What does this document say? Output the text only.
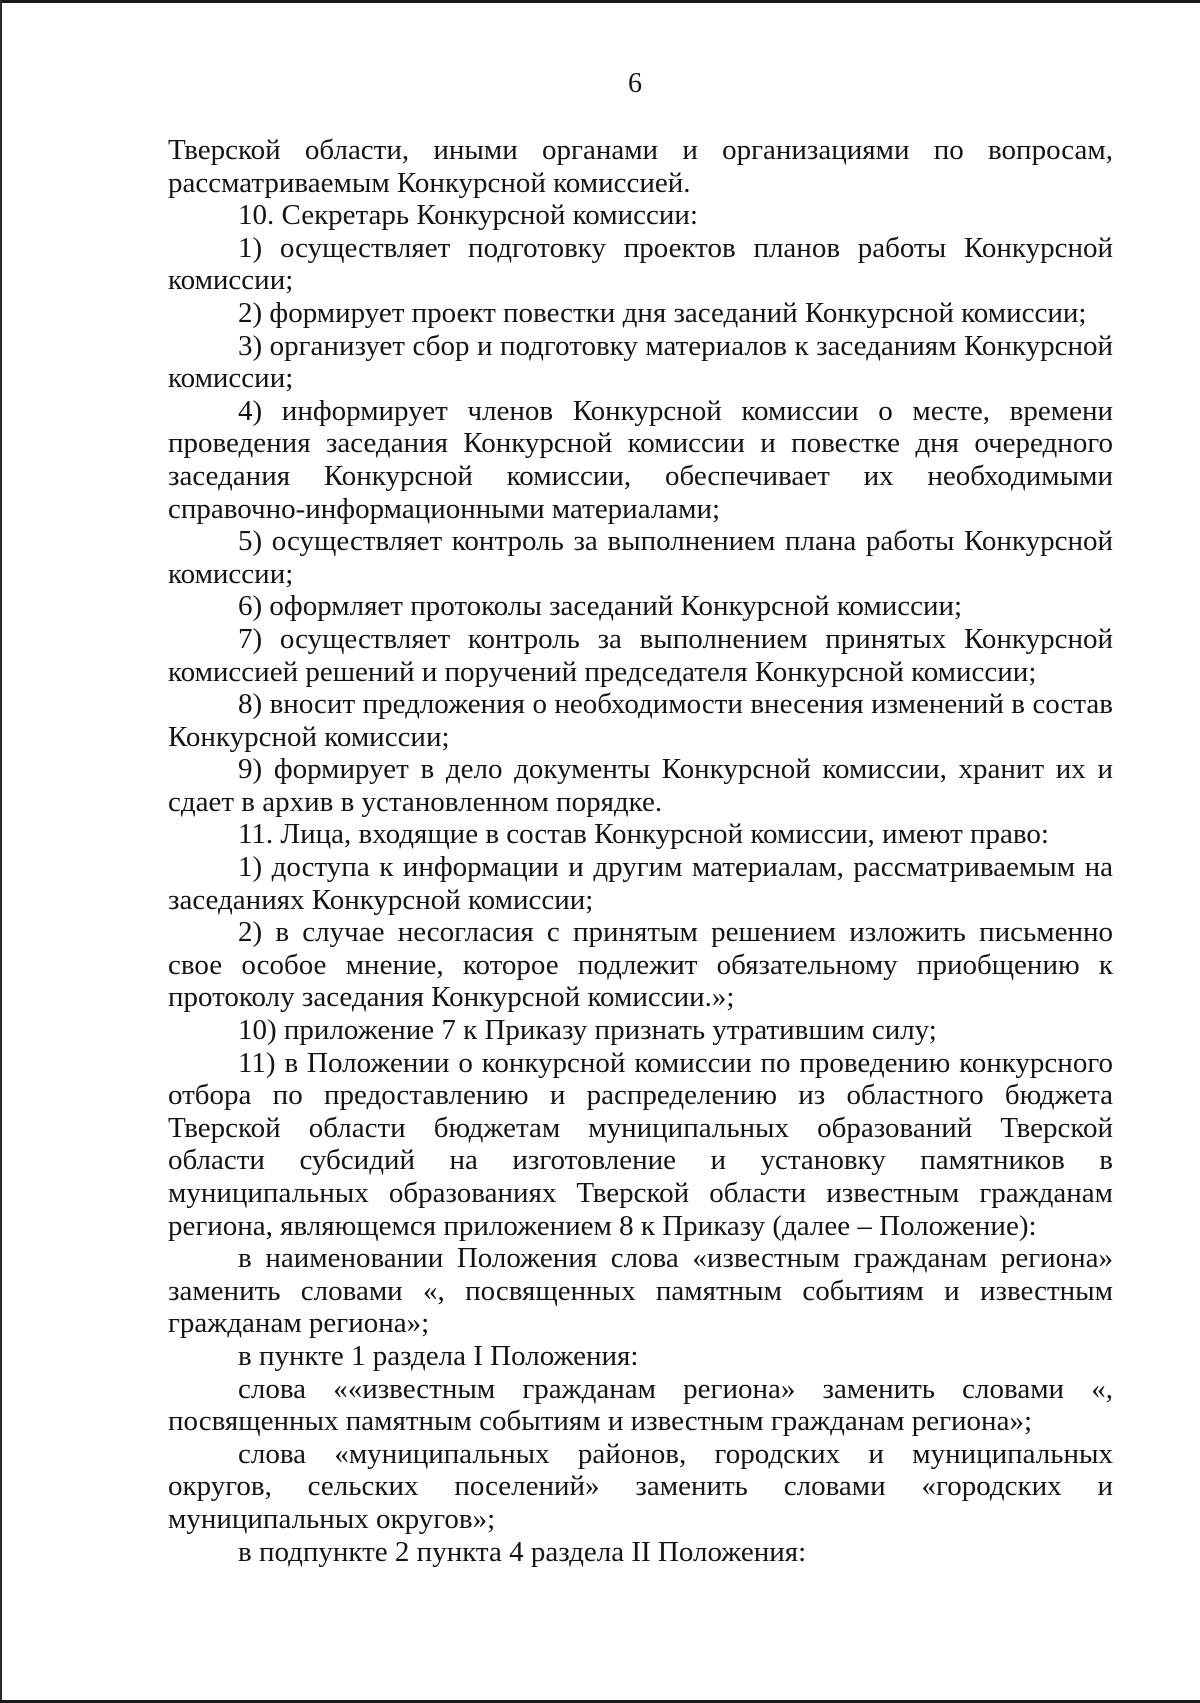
6

Тверской области, иными органами и организациями по вопросам, рассматриваемым Конкурсной комиссией.

10. Секретарь Конкурсной комиссии:

1) осуществляет подготовку проектов планов работы Конкурсной комиссии;

2) формирует проект повестки дня заседаний Конкурсной комиссии;

3) организует сбор и подготовку материалов к заседаниям Конкурсной комиссии;

4) информирует членов Конкурсной комиссии о месте, времени проведения заседания Конкурсной комиссии и повестке дня очередного заседания Конкурсной комиссии, обеспечивает их необходимыми справочно-информационными материалами;

5) осуществляет контроль за выполнением плана работы Конкурсной комиссии;

6) оформляет протоколы заседаний Конкурсной комиссии;

7) осуществляет контроль за выполнением принятых Конкурсной комиссией решений и поручений председателя Конкурсной комиссии;

8) вносит предложения о необходимости внесения изменений в состав Конкурсной комиссии;

9) формирует в дело документы Конкурсной комиссии, хранит их и сдает в архив в установленном порядке.

11. Лица, входящие в состав Конкурсной комиссии, имеют право:

1) доступа к информации и другим материалам, рассматриваемым на заседаниях Конкурсной комиссии;

2) в случае несогласия с принятым решением изложить письменно свое особое мнение, которое подлежит обязательному приобщению к протоколу заседания Конкурсной комиссии.»;

10) приложение 7 к Приказу признать утратившим силу;

11) в Положении о конкурсной комиссии по проведению конкурсного отбора по предоставлению и распределению из областного бюджета Тверской области бюджетам муниципальных образований Тверской области субсидий на изготовление и установку памятников в муниципальных образованиях Тверской области известным гражданам региона, являющемся приложением 8 к Приказу (далее – Положение):

в наименовании Положения слова «известным гражданам региона» заменить словами «, посвященных памятным событиям и известным гражданам региона»;

в пункте 1 раздела I Положения:

слова ««известным гражданам региона» заменить словами «, посвященных памятным событиям и известным гражданам региона»;

слова «муниципальных районов, городских и муниципальных округов, сельских поселений» заменить словами «городских и муниципальных округов»;

в подпункте 2 пункта 4 раздела II Положения:
